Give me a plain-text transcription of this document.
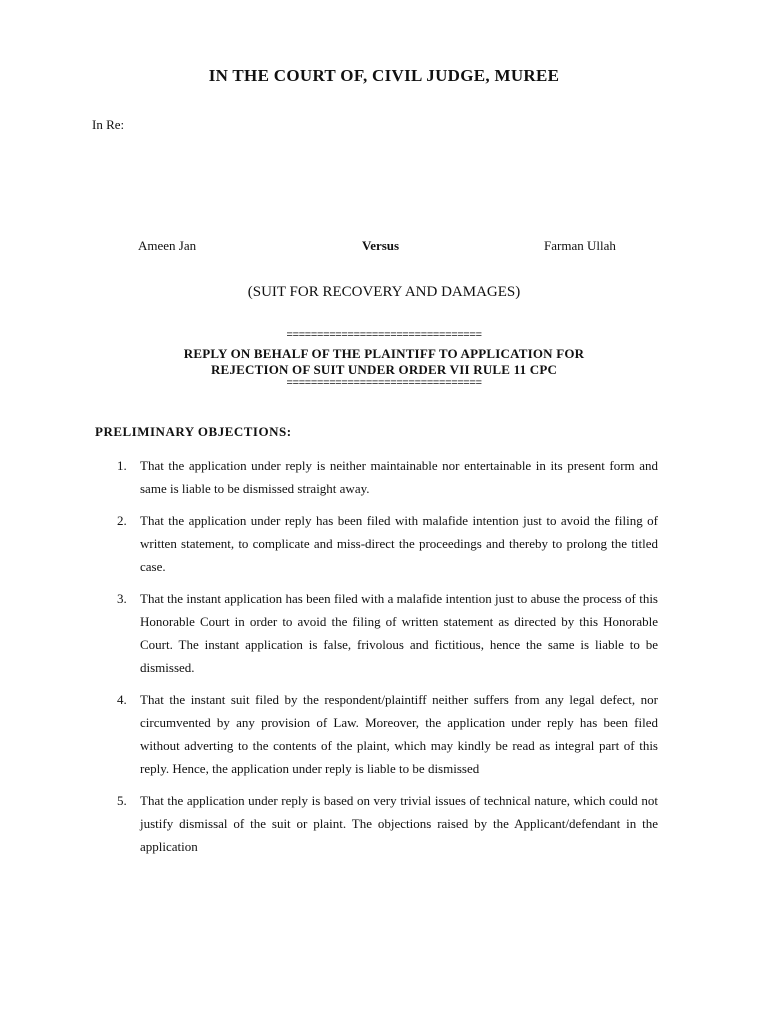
IN THE COURT OF, CIVIL JUDGE, MUREE
In Re:
Ameen Jan	Versus	Farman Ullah
(SUIT FOR RECOVERY AND DAMAGES)
================================
REPLY ON BEHALF OF THE PLAINTIFF TO APPLICATION FOR
REJECTION OF SUIT UNDER ORDER VII RULE 11 CPC
================================
PRELIMINARY OBJECTIONS:
1. That the application under reply is neither maintainable nor entertainable in its present form and same is liable to be dismissed straight away.
2. That the application under reply has been filed with malafide intention just to avoid the filing of written statement, to complicate and miss-direct the proceedings and thereby to prolong the titled case.
3. That the instant application has been filed with a malafide intention just to abuse the process of this Honorable Court in order to avoid the filing of written statement as directed by this Honorable Court. The instant application is false, frivolous and fictitious, hence the same is liable to be dismissed.
4. That the instant suit filed by the respondent/plaintiff neither suffers from any legal defect, nor circumvented by any provision of Law. Moreover, the application under reply has been filed without adverting to the contents of the plaint, which may kindly be read as integral part of this reply. Hence, the application under reply is liable to be dismissed
5. That the application under reply is based on very trivial issues of technical nature, which could not justify dismissal of the suit or plaint. The objections raised by the Applicant/defendant in the application
